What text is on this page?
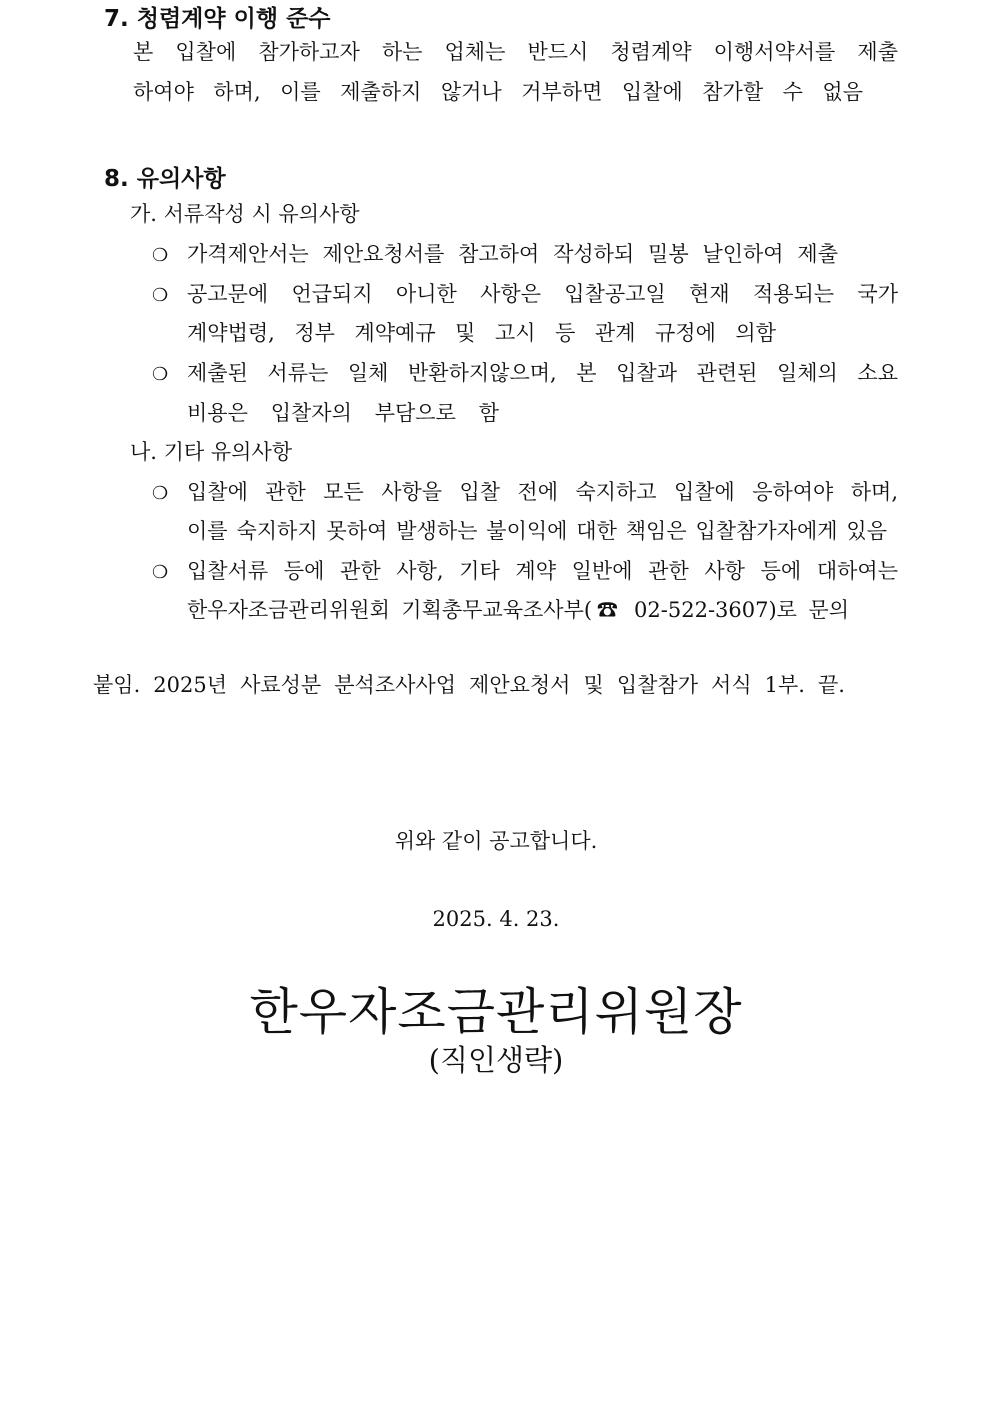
7. 청렴계약 이행 준수
본 입찰에 참가하고자 하는 업체는 반드시 청렴계약 이행서약서를 제출
하여야 하며, 이를 제출하지 않거나 거부하면 입찰에 참가할 수 없음
8. 유의사항
가. 서류작성 시 유의사항
❍ 가격제안서는 제안요청서를 참고하여 작성하되 밀봉 날인하여 제출
❍ 공고문에 언급되지 아니한 사항은 입찰공고일 현재 적용되는 국가
계약법령, 정부 계약예규 및 고시 등 관계 규정에 의함
❍ 제출된 서류는 일체 반환하지않으며, 본 입찰과 관련된 일체의 소요
비용은 입찰자의 부담으로 함
나. 기타 유의사항
❍ 입찰에 관한 모든 사항을 입찰 전에 숙지하고 입찰에 응하여야 하며,
이를 숙지하지 못하여 발생하는 불이익에 대한 책임은 입찰참가자에게 있음
❍ 입찰서류 등에 관한 사항, 기타 계약 일반에 관한 사항 등에 대하여는
한우자조금관리위원회 기획총무교육조사부(☎ 02-522-3607)로 문의
붙임. 2025년 사료성분 분석조사사업 제안요청서 및 입찰참가 서식 1부. 끝.
위와 같이 공고합니다.
2025. 4. 23.
한우자조금관리위원장
(직인생략)
